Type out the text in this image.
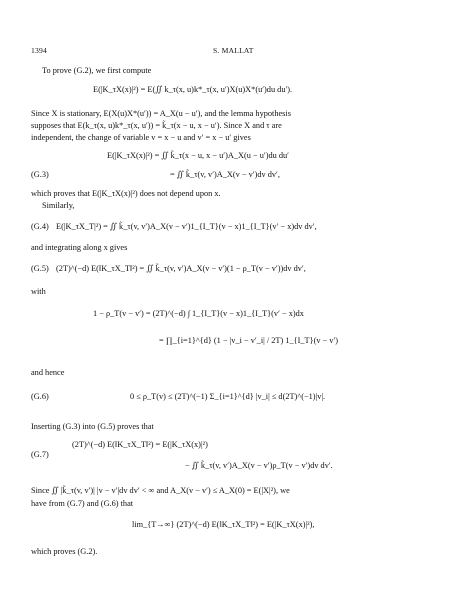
1394	S. MALLAT
To prove (G.2), we first compute
E(|K_τX(x)|²) = E(∬ k_τ(x, u)k*_τ(x, u′)X(u)X*(u′)du du′).
Since X is stationary, E(X(u)X*(u′)) = A_X(u − u′), and the lemma hypothesis
supposes that E(k_τ(x, u)k*_τ(x, u′)) = k̃_τ(x − u, x − u′). Since X and τ are
independent, the change of variable v = x − u and v′ = x − u′ gives
E(|K_τX(x)|²) = ∬ k̃_τ(x − u, x − u′)A_X(u − u′)du du′
(G.3)	= ∬ k̃_τ(v, v′)A_X(v − v′)dv dv′,
which proves that E(|K_τX(x)|²) does not depend upon x.
Similarly,
(G.4) E(|K_τX_T|²) = ∬ k̃_τ(v, v′)A_X(v − v′)1_{I_T}(v − x)1_{I_T}(v′ − x)dv dv′,
and integrating along x gives
(G.5) (2T)^(−d) E(‖K_τX_T‖²) = ∬ k̃_τ(v, v′)A_X(v − v′)(1 − ρ_T(v − v′))dv dv′,
with
1 − ρ_T(v − v′) = (2T)^(−d) ∫ 1_{I_T}(v − x)1_{I_T}(v′ − x)dx
= ∏_{i=1}^{d} (1 − |v_i − v′_i| / 2T) 1_{I_T}(v − v′)
and hence
(G.6)	0 ≤ ρ_T(v) ≤ (2T)^(−1) Σ_{i=1}^{d} |v_i| ≤ d(2T)^(−1)|v|.
Inserting (G.3) into (G.5) proves that
(2T)^(−d) E(‖K_τX_T‖²) = E(|K_τX(x)|²)
(G.7)
− ∬ k̃_τ(v, v′)A_X(v − v′)ρ_T(v − v′)dv dv′.
Since ∬ |k̃_τ(v, v′)| |v − v′|dv dv′ < ∞ and A_X(v − v′) ≤ A_X(0) = E(|X|²), we
have from (G.7) and (G.6) that
lim_{T→∞} (2T)^(−d) E(‖K_τX_T‖²) = E(|K_τX(x)|²),
which proves (G.2).
